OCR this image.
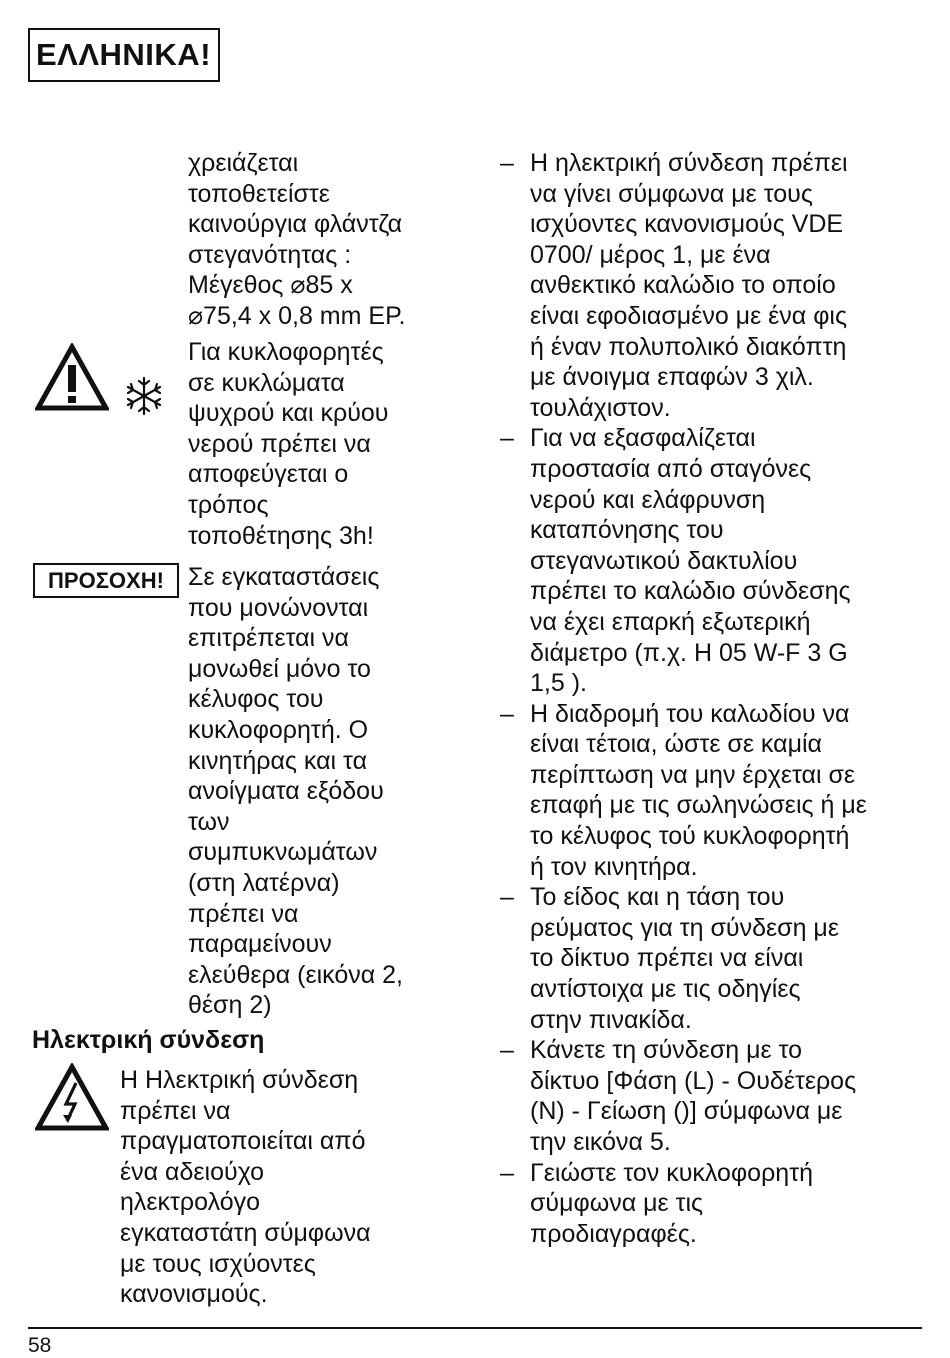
ΕΛΛΗΝΙΚΑ!
χρειάζεται
τοποθετείστε
καινούργια φλάντζα
στεγανότητας :
Μέγεθος ⌀85 x
⌀75,4 x 0,8 mm EP.
Για κυκλοφορητές
σε κυκλώματα
ψυχρού και κρύου
νερού πρέπει να
αποφεύγεται ο
τρόπος
τοποθέτησης 3h!
ΠΡΟΣΟΧΗ! Σε εγκαταστάσεις
που μονώνονται
επιτρέπεται να
μονωθεί μόνο το
κέλυφος του
κυκλοφορητή. Ο
κινητήρας και τα
ανοίγματα εξόδου
των
συμπυκνωμάτων
(στη λατέρνα)
πρέπει να
παραμείνουν
ελεύθερα (εικόνα 2,
θέση 2)
Ηλεκτρική σύνδεση
Η Ηλεκτρική σύνδεση
πρέπει να
πραγματοποιείται από
ένα αδειούχο
ηλεκτρολόγο
εγκαταστάτη σύμφωνα
με τους ισχύοντες
κανονισμούς.
– Η ηλεκτρική σύνδεση πρέπει
να γίνει σύμφωνα με τους
ισχύοντες κανονισμούς VDE
0700/ μέρος 1, με ένα
ανθεκτικό καλώδιο το οποίο
είναι εφοδιασμένο με ένα φις
ή έναν πολυπολικό διακόπτη
με άνοιγμα επαφών 3 χιλ.
τουλάχιστον.
– Για να εξασφαλίζεται
προστασία από σταγόνες
νερού και ελάφρυνση
καταπόνησης του
στεγανωτικού δακτυλίου
πρέπει το καλώδιο σύνδεσης
να έχει επαρκή εξωτερική
διάμετρο (π.χ. H 05 W-F 3 G
1,5 ).
– Η διαδρομή του καλωδίου να
είναι τέτοια, ώστε σε καμία
περίπτωση να μην έρχεται σε
επαφή με τις σωληνώσεις ή με
το κέλυφος τού κυκλοφορητή
ή τον κινητήρα.
– Το είδος και η τάση του
ρεύματος για τη σύνδεση με
το δίκτυο πρέπει να είναι
αντίστοιχα με τις οδηγίες
στην πινακίδα.
– Κάνετε τη σύνδεση με το
δίκτυο [Φάση (L) - Ουδέτερος
(N) - Γείωση ()] σύμφωνα με
την εικόνα 5.
– Γειώστε τον κυκλοφορητή
σύμφωνα με τις
προδιαγραφές.
58
